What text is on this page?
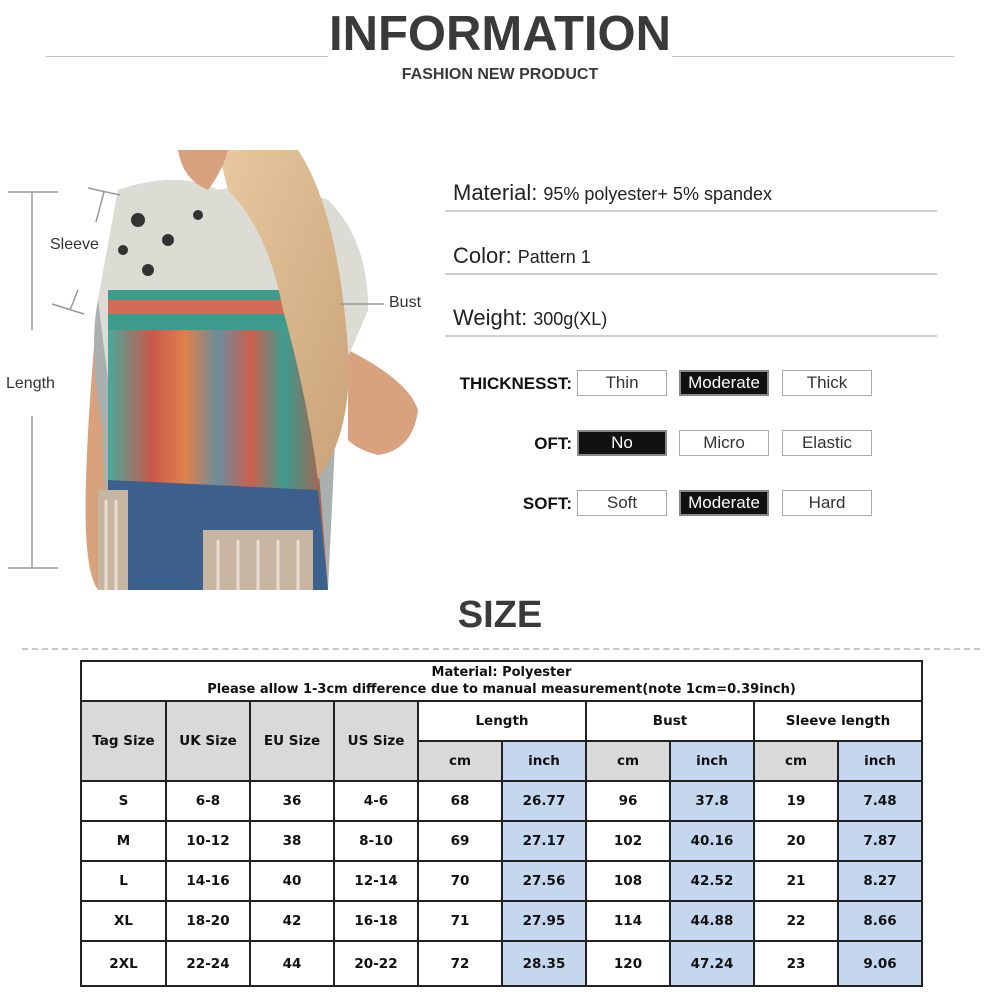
INFORMATION
FASHION NEW PRODUCT
Sleeve
Bust
Length
Material: 95% polyester+ 5% spandex
Color: Pattern 1
Weight: 300g(XL)
THICKNESST:	Thin	Moderate	Thick
OFT:	No	Micro	Elastic
SOFT:	Soft	Moderate	Hard
SIZE
Material: Polyester
Please allow 1-3cm difference due to manual measurement(note 1cm=0.39inch)									

Tag Size	UK Size	EU Size	US Size	Length		Bust		Sleeve length	
				cm	inch	cm	inch	cm	inch
S	6-8	36	4-6	68	26.77	96	37.8	19	7.48
M	10-12	38	8-10	69	27.17	102	40.16	20	7.87
L	14-16	40	12-14	70	27.56	108	42.52	21	8.27
XL	18-20	42	16-18	71	27.95	114	44.88	22	8.66
2XL	22-24	44	20-22	72	28.35	120	47.24	23	9.06
